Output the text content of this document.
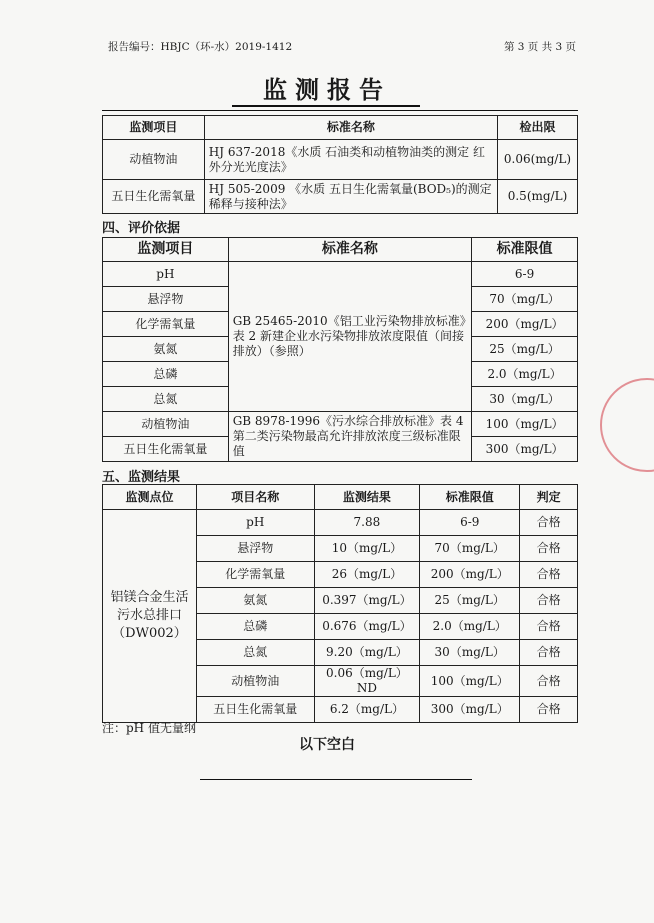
报告编号：HBJC（环-水）2019-1412	第 3 页 共 3 页
监测报告
监测项目	标准名称	检出限
动植物油	HJ 637-2018《水质 石油类和动植物油类的测定 红外分光光度法》	0.06(mg/L)
五日生化需氧量	HJ 505-2009 《水质 五日生化需氧量(BOD₅)的测定 稀释与接种法》	0.5(mg/L)
四、评价依据
监测项目	标准名称	标准限值
pH	GB 25465-2010《铝工业污染物排放标准》表 2 新建企业水污染物排放浓度限值（间接排放）（参照）	6-9
悬浮物		70（mg/L）
化学需氧量		200（mg/L）
氨氮		25（mg/L）
总磷		2.0（mg/L）
总氮		30（mg/L）
动植物油	GB 8978-1996《污水综合排放标准》表 4 第二类污染物最高允许排放浓度三级标准限值	100（mg/L）
五日生化需氧量		300（mg/L）
五、监测结果
监测点位	项目名称	监测结果	标准限值	判定
铝镁合金生活污水总排口（DW002）	pH	7.88	6-9	合格
	悬浮物	10（mg/L）	70（mg/L）	合格
	化学需氧量	26（mg/L）	200（mg/L）	合格
	氨氮	0.397（mg/L）	25（mg/L）	合格
	总磷	0.676（mg/L）	2.0（mg/L）	合格
	总氮	9.20（mg/L）	30（mg/L）	合格
	动植物油	0.06（mg/L）ND	100（mg/L）	合格
	五日生化需氧量	6.2（mg/L）	300（mg/L）	合格
注：pH 值无量纲
以下空白
